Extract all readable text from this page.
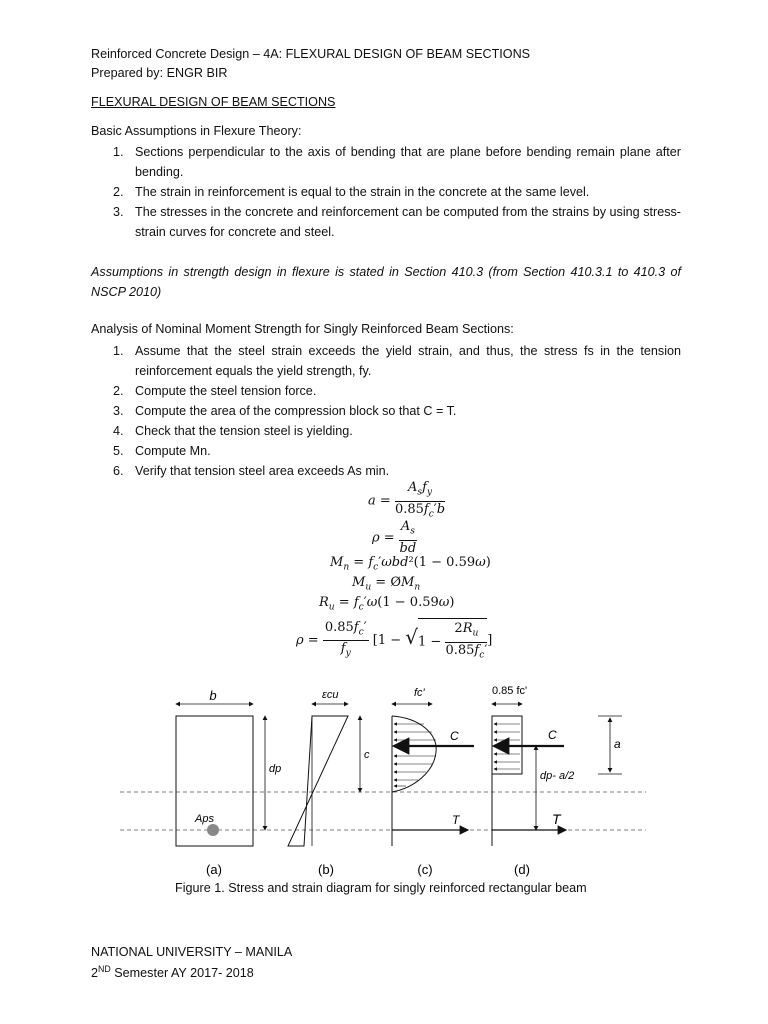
Reinforced Concrete Design – 4A: FLEXURAL DESIGN OF BEAM SECTIONS
Prepared by: ENGR BIR
FLEXURAL DESIGN OF BEAM SECTIONS
Basic Assumptions in Flexure Theory:
1. Sections perpendicular to the axis of bending that are plane before bending remain plane after bending.
2. The strain in reinforcement is equal to the strain in the concrete at the same level.
3. The stresses in the concrete and reinforcement can be computed from the strains by using stress-strain curves for concrete and steel.
Assumptions in strength design in flexure is stated in Section 410.3 (from Section 410.3.1 to 410.3 of NSCP 2010)
Analysis of Nominal Moment Strength for Singly Reinforced Beam Sections:
1. Assume that the steel strain exceeds the yield strain, and thus, the stress fs in the tension reinforcement equals the yield strength, fy.
2. Compute the steel tension force.
3. Compute the area of the compression block so that C = T.
4. Check that the tension steel is yielding.
5. Compute Mn.
6. Verify that tension steel area exceeds As min.
$a = \frac{A_sf_y}{0.85f_c'b}$
$\rho = \frac{A_s}{bd}$
$M_n = f_c'\omega bd^2(1 - 0.59\omega)$
$M_u$ = $ØM_n$
$R_u = f_c'\omega(1 - 0.59\omega)$
$\rho = \frac{0.85f_c'}{f_y} [1 - √1 - \frac{2R_u}{0.85f_c'}$ ]
b
Aps
dp
εcu
c
fc'
C
T
0.85 fc'
C
dp- a/2
T
a
(a)	(b)	(c)	(d)
Figure 1. Stress and strain diagram for singly reinforced rectangular beam
NATIONAL UNIVERSITY – MANILA
2ND Semester AY 2017- 2018
